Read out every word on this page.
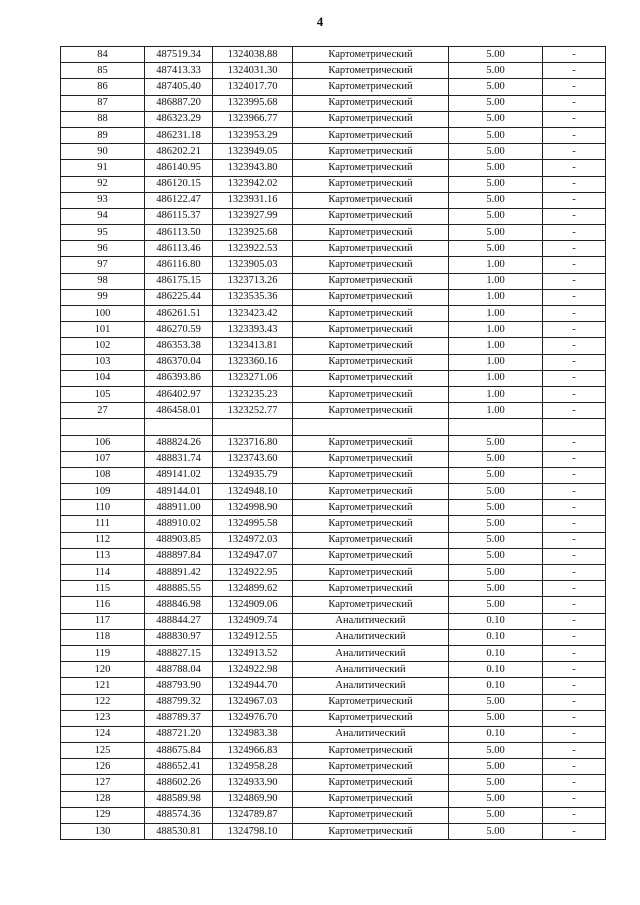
4
84	487519.34	1324038.88	Картометрический	5.00	-
85	487413.33	1324031.30	Картометрический	5.00	-
86	487405.40	1324017.70	Картометрический	5.00	-
87	486887.20	1323995.68	Картометрический	5.00	-
88	486323.29	1323966.77	Картометрический	5.00	-
89	486231.18	1323953.29	Картометрический	5.00	-
90	486202.21	1323949.05	Картометрический	5.00	-
91	486140.95	1323943.80	Картометрический	5.00	-
92	486120.15	1323942.02	Картометрический	5.00	-
93	486122.47	1323931.16	Картометрический	5.00	-
94	486115.37	1323927.99	Картометрический	5.00	-
95	486113.50	1323925.68	Картометрический	5.00	-
96	486113.46	1323922.53	Картометрический	5.00	-
97	486116.80	1323905.03	Картометрический	1.00	-
98	486175.15	1323713.26	Картометрический	1.00	-
99	486225.44	1323535.36	Картометрический	1.00	-
100	486261.51	1323423.42	Картометрический	1.00	-
101	486270.59	1323393.43	Картометрический	1.00	-
102	486353.38	1323413.81	Картометрический	1.00	-
103	486370.04	1323360.16	Картометрический	1.00	-
104	486393.86	1323271.06	Картометрический	1.00	-
105	486402.97	1323235.23	Картометрический	1.00	-
27	486458.01	1323252.77	Картометрический	1.00	-

106	488824.26	1323716.80	Картометрический	5.00	-
107	488831.74	1323743.60	Картометрический	5.00	-
108	489141.02	1324935.79	Картометрический	5.00	-
109	489144.01	1324948.10	Картометрический	5.00	-
110	488911.00	1324998.90	Картометрический	5.00	-
111	488910.02	1324995.58	Картометрический	5.00	-
112	488903.85	1324972.03	Картометрический	5.00	-
113	488897.84	1324947.07	Картометрический	5.00	-
114	488891.42	1324922.95	Картометрический	5.00	-
115	488885.55	1324899.62	Картометрический	5.00	-
116	488846.98	1324909.06	Картометрический	5.00	-
117	488844.27	1324909.74	Аналитический	0.10	-
118	488830.97	1324912.55	Аналитический	0.10	-
119	488827.15	1324913.52	Аналитический	0.10	-
120	488788.04	1324922.98	Аналитический	0.10	-
121	488793.90	1324944.70	Аналитический	0.10	-
122	488799.32	1324967.03	Картометрический	5.00	-
123	488789.37	1324976.70	Картометрический	5.00	-
124	488721.20	1324983.38	Аналитический	0.10	-
125	488675.84	1324966.83	Картометрический	5.00	-
126	488652.41	1324958.28	Картометрический	5.00	-
127	488602.26	1324933.90	Картометрический	5.00	-
128	488589.98	1324869.90	Картометрический	5.00	-
129	488574.36	1324789.87	Картометрический	5.00	-
130	488530.81	1324798.10	Картометрический	5.00	-
